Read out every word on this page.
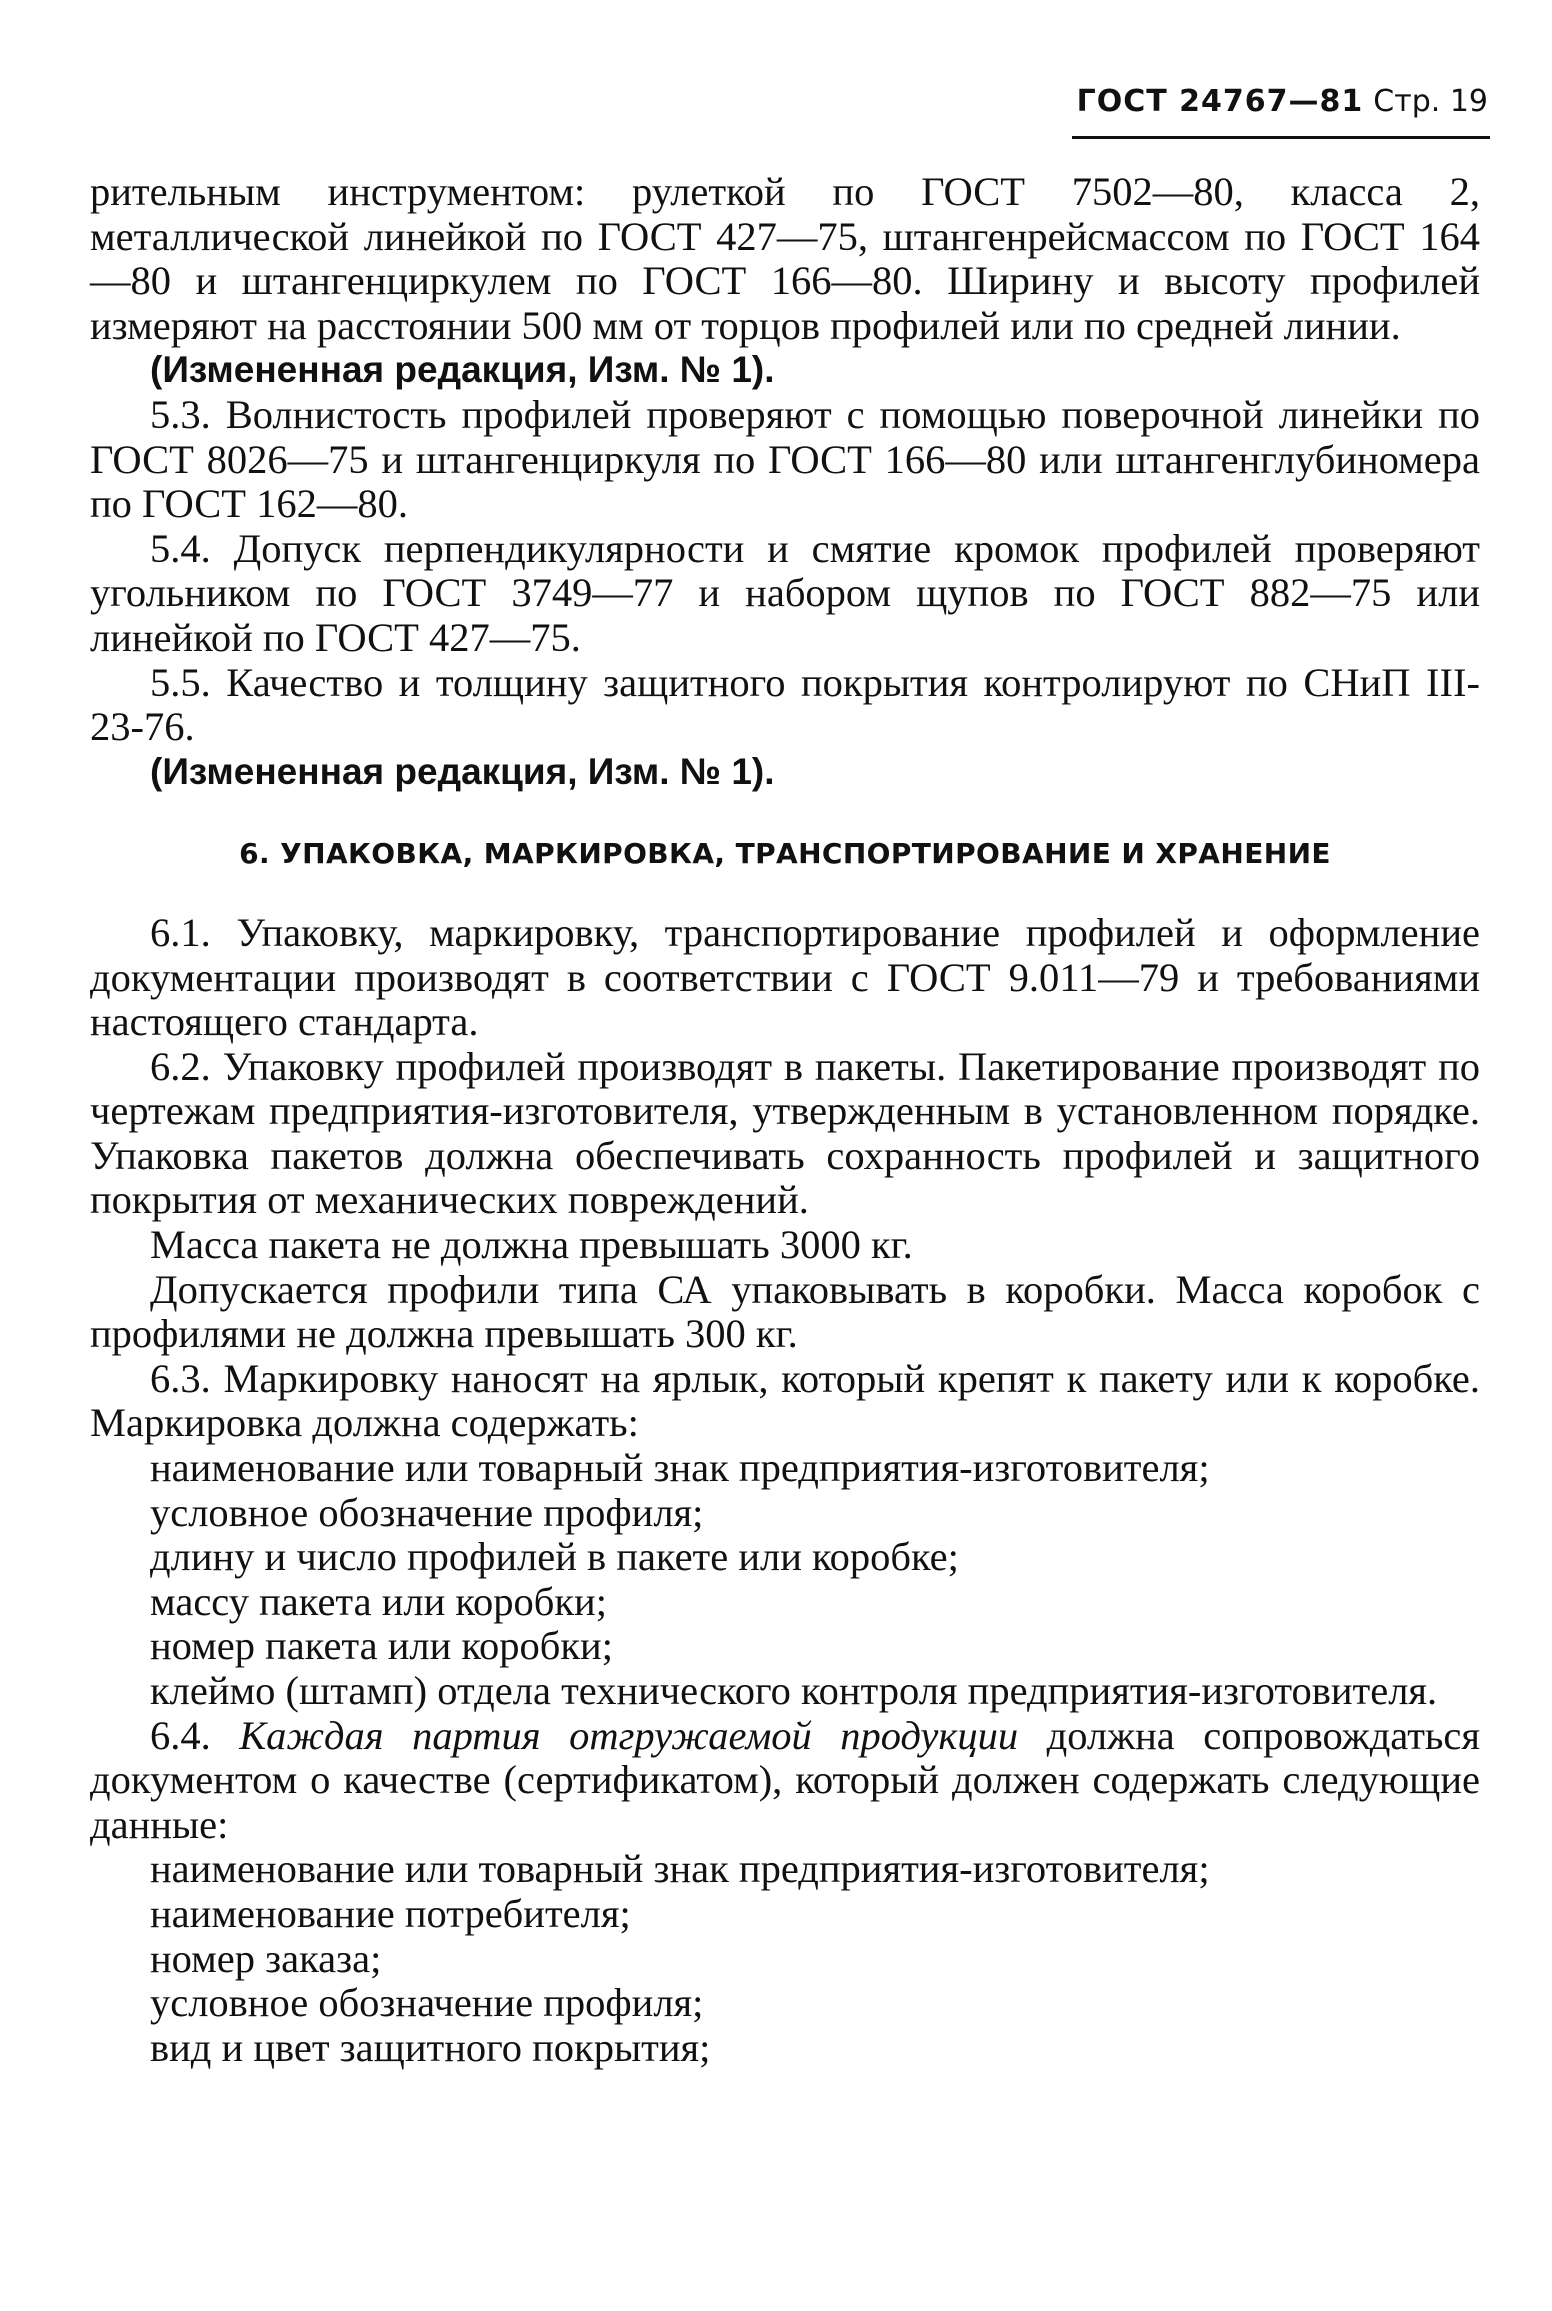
ГОСТ 24767—81 Стр. 19

рительным инструментом: рулеткой по ГОСТ 7502—80, класса 2, металлической линейкой по ГОСТ 427—75, штангенрейсмассом по ГОСТ 164—80 и штангенциркулем по ГОСТ 166—80. Ширину и высоту профилей измеряют на расстоянии 500 мм от торцов профилей или по средней линии.

(Измененная редакция, Изм. № 1).

5.3. Волнистость профилей проверяют с помощью поверочной линейки по ГОСТ 8026—75 и штангенциркуля по ГОСТ 166—80 или штангенглубиномера по ГОСТ 162—80.

5.4. Допуск перпендикулярности и смятие кромок профилей проверяют угольником по ГОСТ 3749—77 и набором щупов по ГОСТ 882—75 или линейкой по ГОСТ 427—75.

5.5. Качество и толщину защитного покрытия контролируют по СНиП III-23-76.

(Измененная редакция, Изм. № 1).

6. УПАКОВКА, МАРКИРОВКА, ТРАНСПОРТИРОВАНИЕ И ХРАНЕНИЕ

6.1. Упаковку, маркировку, транспортирование профилей и оформление документации производят в соответствии с ГОСТ 9.011—79 и требованиями настоящего стандарта.

6.2. Упаковку профилей производят в пакеты. Пакетирование производят по чертежам предприятия-изготовителя, утвержденным в установленном порядке. Упаковка пакетов должна обеспечивать сохранность профилей и защитного покрытия от механических повреждений.

Масса пакета не должна превышать 3000 кг.

Допускается профили типа СА упаковывать в коробки. Масса коробок с профилями не должна превышать 300 кг.

6.3. Маркировку наносят на ярлык, который крепят к пакету или к коробке. Маркировка должна содержать:

наименование или товарный знак предприятия-изготовителя;

условное обозначение профиля;

длину и число профилей в пакете или коробке;

массу пакета или коробки;

номер пакета или коробки;

клеймо (штамп) отдела технического контроля предприятия-изготовителя.

6.4. Каждая партия отгружаемой продукции должна сопровождаться документом о качестве (сертификатом), который должен содержать следующие данные:

наименование или товарный знак предприятия-изготовителя;

наименование потребителя;

номер заказа;

условное обозначение профиля;

вид и цвет защитного покрытия;
